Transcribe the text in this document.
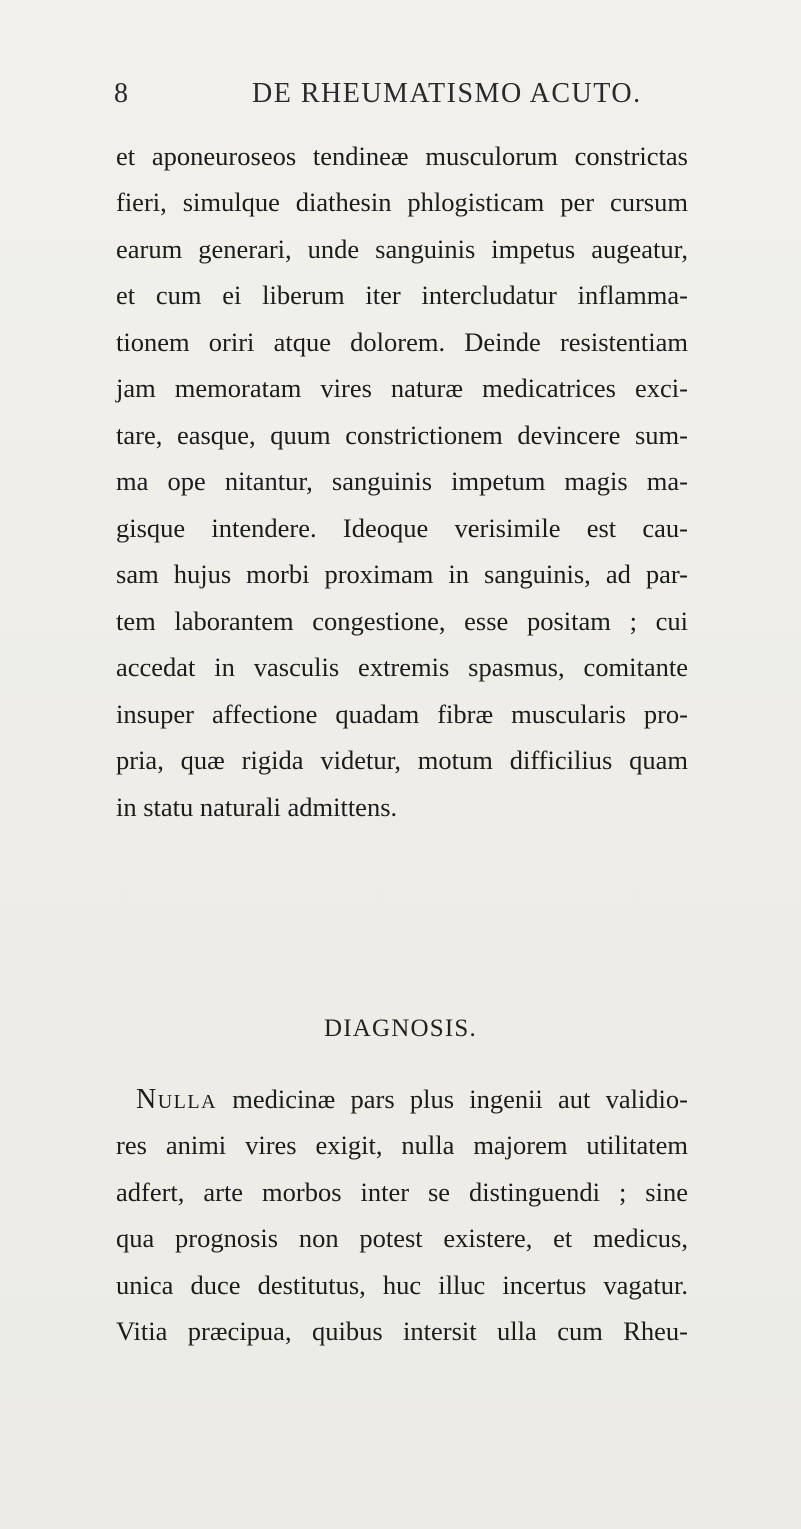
8	DE RHEUMATISMO ACUTO.
et aponeuroseos tendineæ musculorum constrictas
fieri, simulque diathesin phlogisticam per cursum
earum generari, unde sanguinis impetus augeatur,
et cum ei liberum iter intercludatur inflamma-
tionem oriri atque dolorem. Deinde resistentiam
jam memoratam vires naturæ medicatrices exci-
tare, easque, quum constrictionem devincere sum-
ma ope nitantur, sanguinis impetum magis ma-
gisque intendere. Ideoque verisimile est cau-
sam hujus morbi proximam in sanguinis, ad par-
tem laborantem congestione, esse positam ; cui
accedat in vasculis extremis spasmus, comitante
insuper affectione quadam fibræ muscularis pro-
pria, quæ rigida videtur, motum difficilius quam
in statu naturali admittens.
DIAGNOSIS.
Nulla medicinæ pars plus ingenii aut validio-
res animi vires exigit, nulla majorem utilitatem
adfert, arte morbos inter se distinguendi ; sine
qua prognosis non potest existere, et medicus,
unica duce destitutus, huc illuc incertus vagatur.
Vitia præcipua, quibus intersit ulla cum Rheu-
